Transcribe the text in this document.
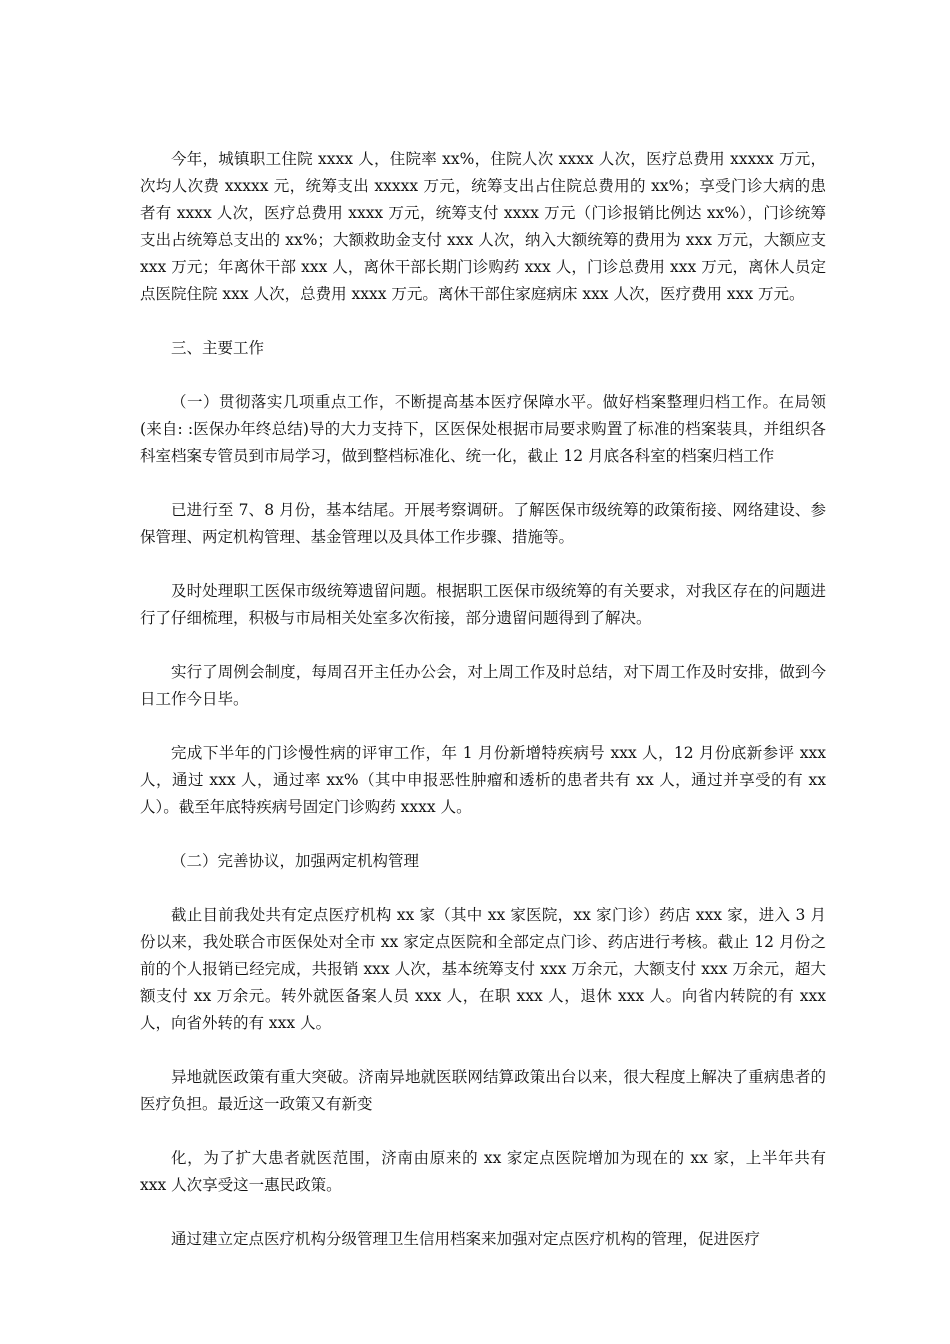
今年，城镇职工住院 xxxx 人，住院率 xx%，住院人次 xxxx 人次，医疗总费用 xxxxx 万元，次均人次费 xxxxx 元，统筹支出 xxxxx 万元，统筹支出占住院总费用的 xx%；享受门诊大病的患者有 xxxx 人次，医疗总费用 xxxx 万元，统筹支付 xxxx 万元（门诊报销比例达 xx%），门诊统筹支出占统筹总支出的 xx%；大额救助金支付 xxx 人次，纳入大额统筹的费用为 xxx 万元，大额应支 xxx 万元；年离休干部 xxx 人，离休干部长期门诊购药 xxx 人，门诊总费用 xxx 万元，离休人员定点医院住院 xxx 人次，总费用 xxxx 万元。离休干部住家庭病床 xxx 人次，医疗费用 xxx 万元。

三、主要工作

（一）贯彻落实几项重点工作，不断提高基本医疗保障水平。做好档案整理归档工作。在局领(来自: :医保办年终总结)导的大力支持下，区医保处根据市局要求购置了标准的档案装具，并组织各科室档案专管员到市局学习，做到整档标准化、统一化，截止 12 月底各科室的档案归档工作

已进行至 7、8 月份，基本结尾。开展考察调研。了解医保市级统筹的政策衔接、网络建设、参保管理、两定机构管理、基金管理以及具体工作步骤、措施等。

及时处理职工医保市级统筹遗留问题。根据职工医保市级统筹的有关要求，对我区存在的问题进行了仔细梳理，积极与市局相关处室多次衔接，部分遗留问题得到了解决。

实行了周例会制度，每周召开主任办公会，对上周工作及时总结，对下周工作及时安排，做到今日工作今日毕。

完成下半年的门诊慢性病的评审工作，年 1 月份新增特疾病号 xxx 人，12 月份底新参评 xxx 人，通过 xxx 人，通过率 xx%（其中申报恶性肿瘤和透析的患者共有 xx 人，通过并享受的有 xx 人）。截至年底特疾病号固定门诊购药 xxxx 人。

（二）完善协议，加强两定机构管理

截止目前我处共有定点医疗机构 xx 家（其中 xx 家医院，xx 家门诊）药店 xxx 家，进入 3 月份以来，我处联合市医保处对全市 xx 家定点医院和全部定点门诊、药店进行考核。截止 12 月份之前的个人报销已经完成，共报销 xxx 人次，基本统筹支付 xxx 万余元，大额支付 xxx 万余元，超大额支付 xx 万余元。转外就医备案人员 xxx 人，在职 xxx 人，退休 xxx 人。向省内转院的有 xxx 人，向省外转的有 xxx 人。

异地就医政策有重大突破。济南异地就医联网结算政策出台以来，很大程度上解决了重病患者的医疗负担。最近这一政策又有新变

化，为了扩大患者就医范围，济南由原来的 xx 家定点医院增加为现在的 xx 家，上半年共有 xxx 人次享受这一惠民政策。

通过建立定点医疗机构分级管理卫生信用档案来加强对定点医疗机构的管理，促进医疗
